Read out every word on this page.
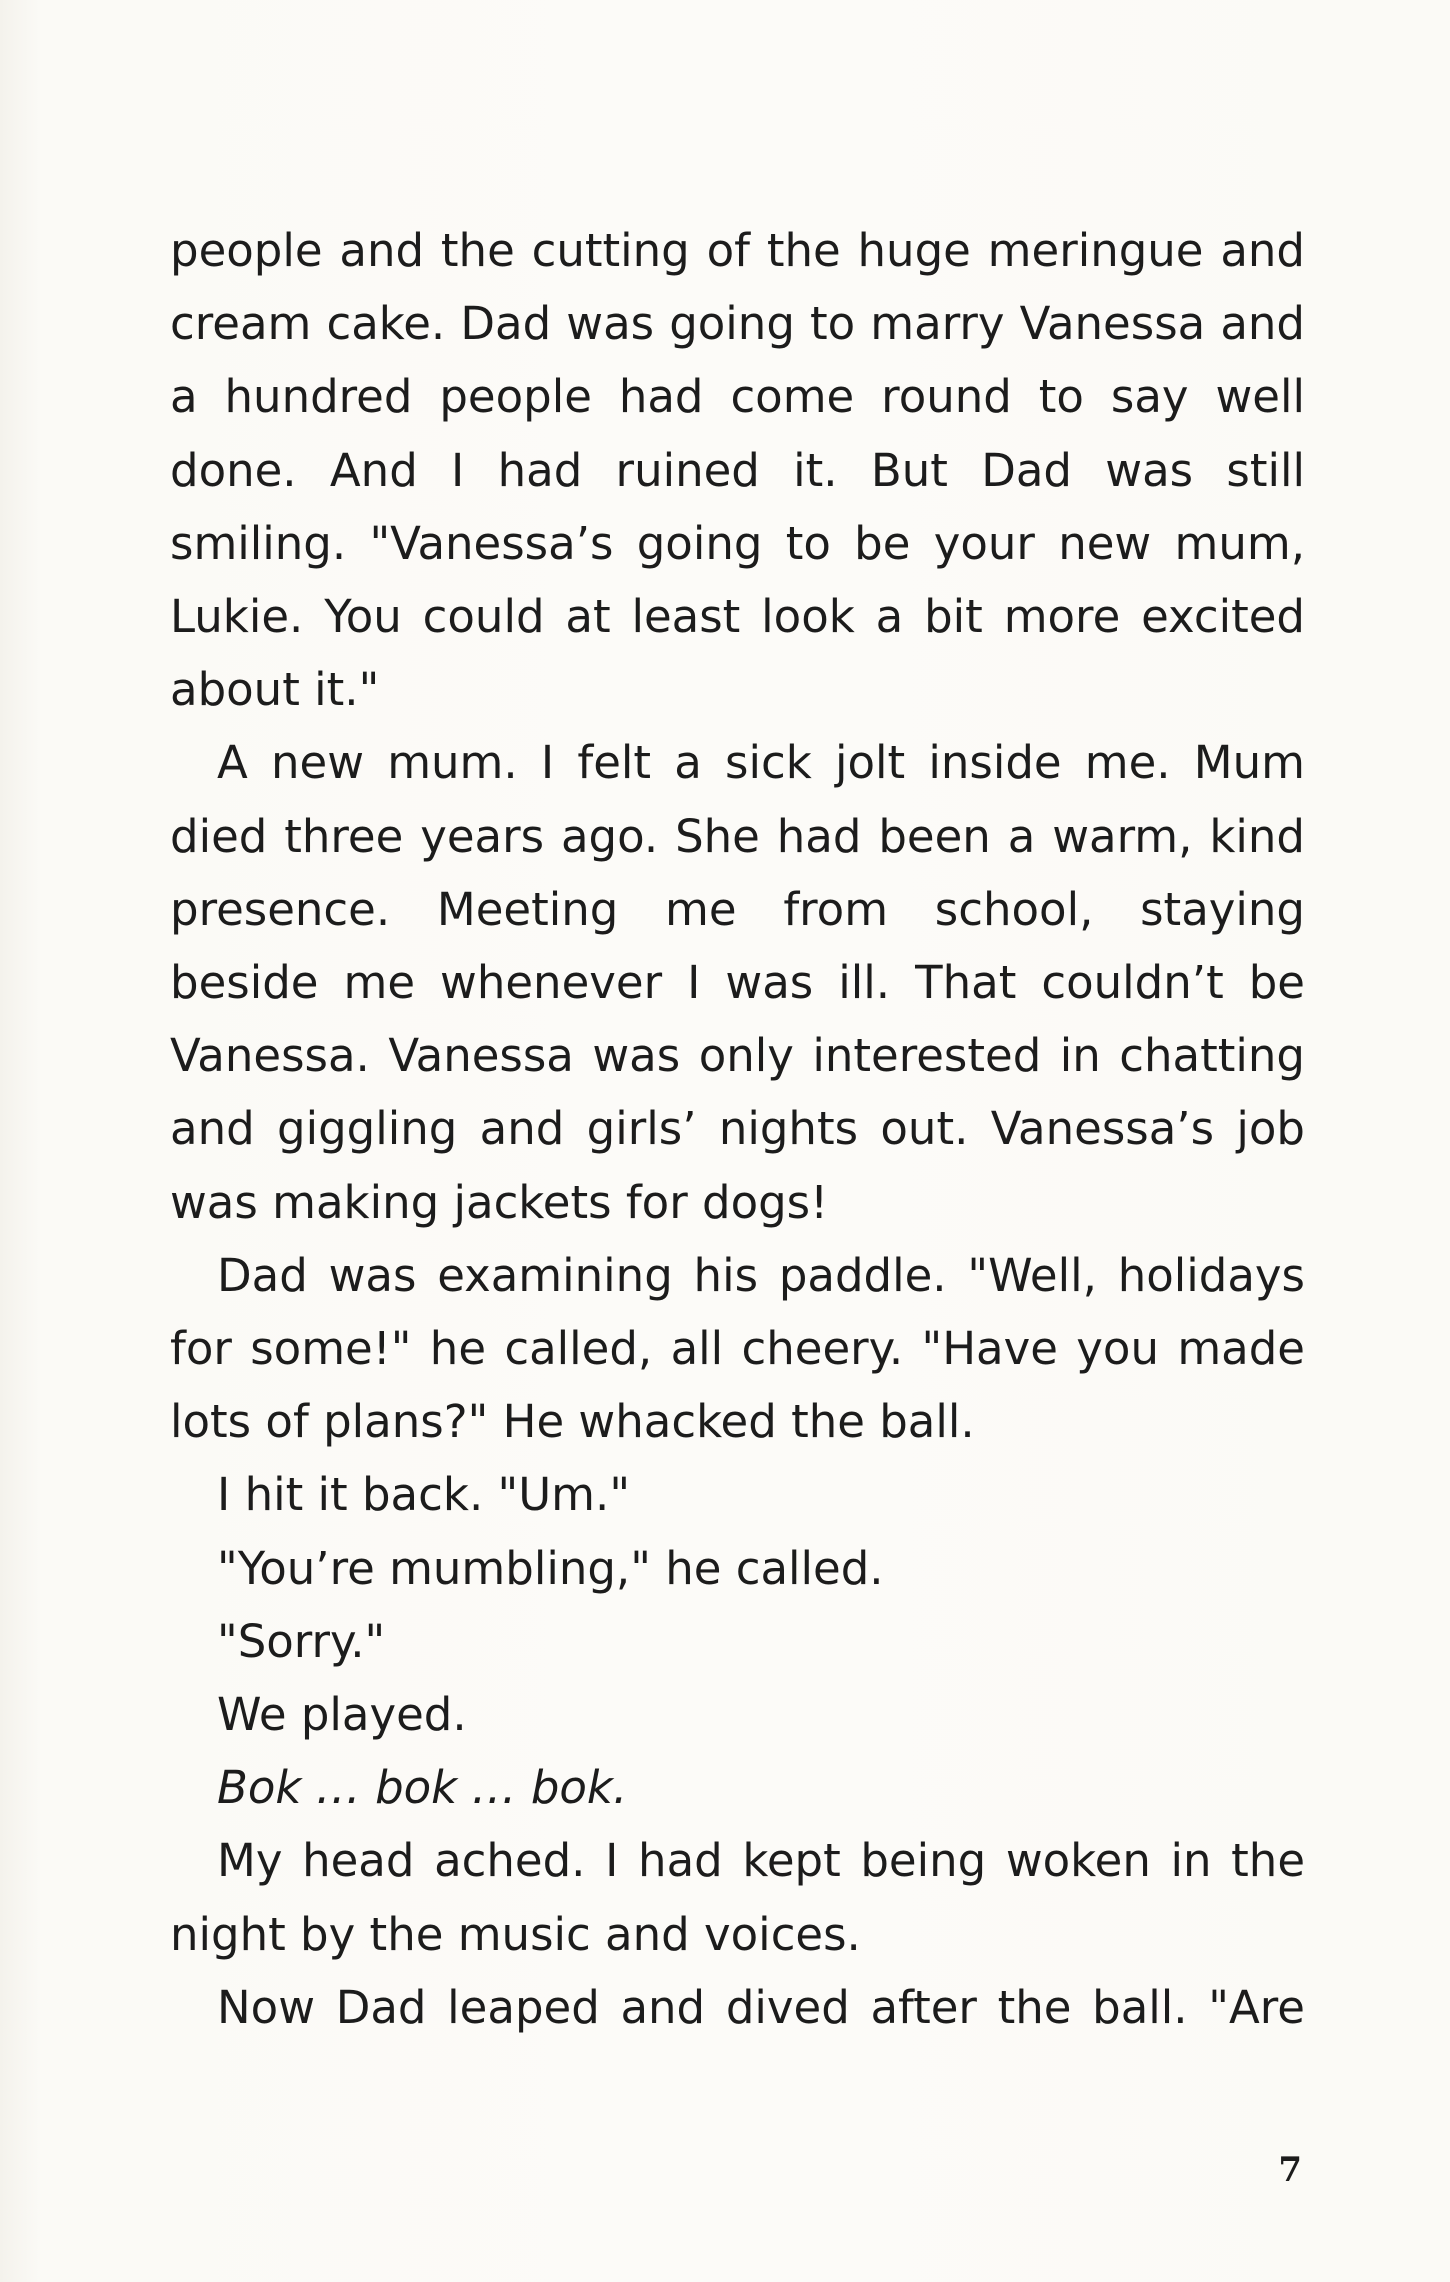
people and the cutting of the huge meringue and cream cake. Dad was going to marry Vanessa and a hundred people had come round to say well done. And I had ruined it. But Dad was still smiling. "Vanessa’s going to be your new mum, Lukie. You could at least look a bit more excited about it."

A new mum. I felt a sick jolt inside me. Mum died three years ago. She had been a warm, kind presence. Meeting me from school, staying beside me whenever I was ill. That couldn’t be Vanessa. Vanessa was only interested in chatting and giggling and girls’ nights out. Vanessa’s job was making jackets for dogs!

Dad was examining his paddle. "Well, holidays for some!" he called, all cheery. "Have you made lots of plans?" He whacked the ball.

I hit it back. "Um."

"You’re mumbling," he called.

"Sorry."

We played.

Bok … bok … bok.

My head ached. I had kept being woken in the night by the music and voices.

Now Dad leaped and dived after the ball. "Are

7
